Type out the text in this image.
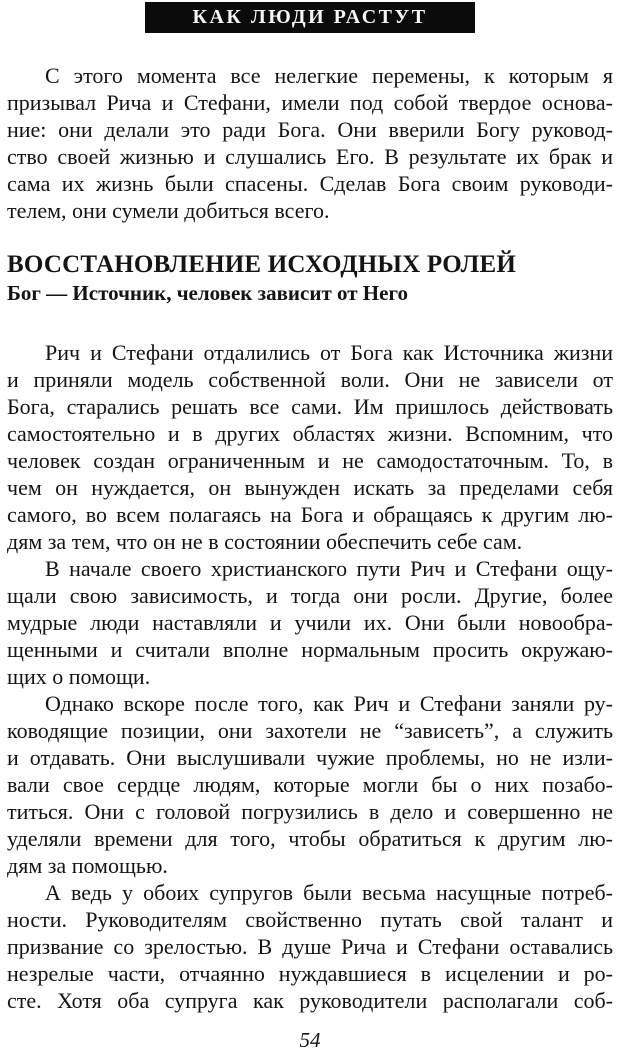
КАК ЛЮДИ РАСТУТ
С этого момента все нелегкие перемены, к которым я
призывал Рича и Стефани, имели под собой твердое основа-
ние: они делали это ради Бога. Они вверили Богу руковод-
ство своей жизнью и слушались Его. В результате их брак и
сама их жизнь были спасены. Сделав Бога своим руководи-
телем, они сумели добиться всего.
ВОССТАНОВЛЕНИЕ ИСХОДНЫХ РОЛЕЙ
Бог — Источник, человек зависит от Него
Рич и Стефани отдалились от Бога как Источника жизни
и приняли модель собственной воли. Они не зависели от
Бога, старались решать все сами. Им пришлось действовать
самостоятельно и в других областях жизни. Вспомним, что
человек создан ограниченным и не самодостаточным. То, в
чем он нуждается, он вынужден искать за пределами себя
самого, во всем полагаясь на Бога и обращаясь к другим лю-
дям за тем, что он не в состоянии обеспечить себе сам.
В начале своего христианского пути Рич и Стефани ощу-
щали свою зависимость, и тогда они росли. Другие, более
мудрые люди наставляли и учили их. Они были новообра-
щенными и считали вполне нормальным просить окружаю-
щих о помощи.
Однако вскоре после того, как Рич и Стефани заняли ру-
ководящие позиции, они захотели не “зависеть”, а служить
и отдавать. Они выслушивали чужие проблемы, но не изли-
вали свое сердце людям, которые могли бы о них позабо-
титься. Они с головой погрузились в дело и совершенно не
уделяли времени для того, чтобы обратиться к другим лю-
дям за помощью.
А ведь у обоих супругов были весьма насущные потреб-
ности. Руководителям свойственно путать свой талант и
призвание со зрелостью. В душе Рича и Стефани оставались
незрелые части, отчаянно нуждавшиеся в исцелении и ро-
сте. Хотя оба супруга как руководители располагали соб-
54
